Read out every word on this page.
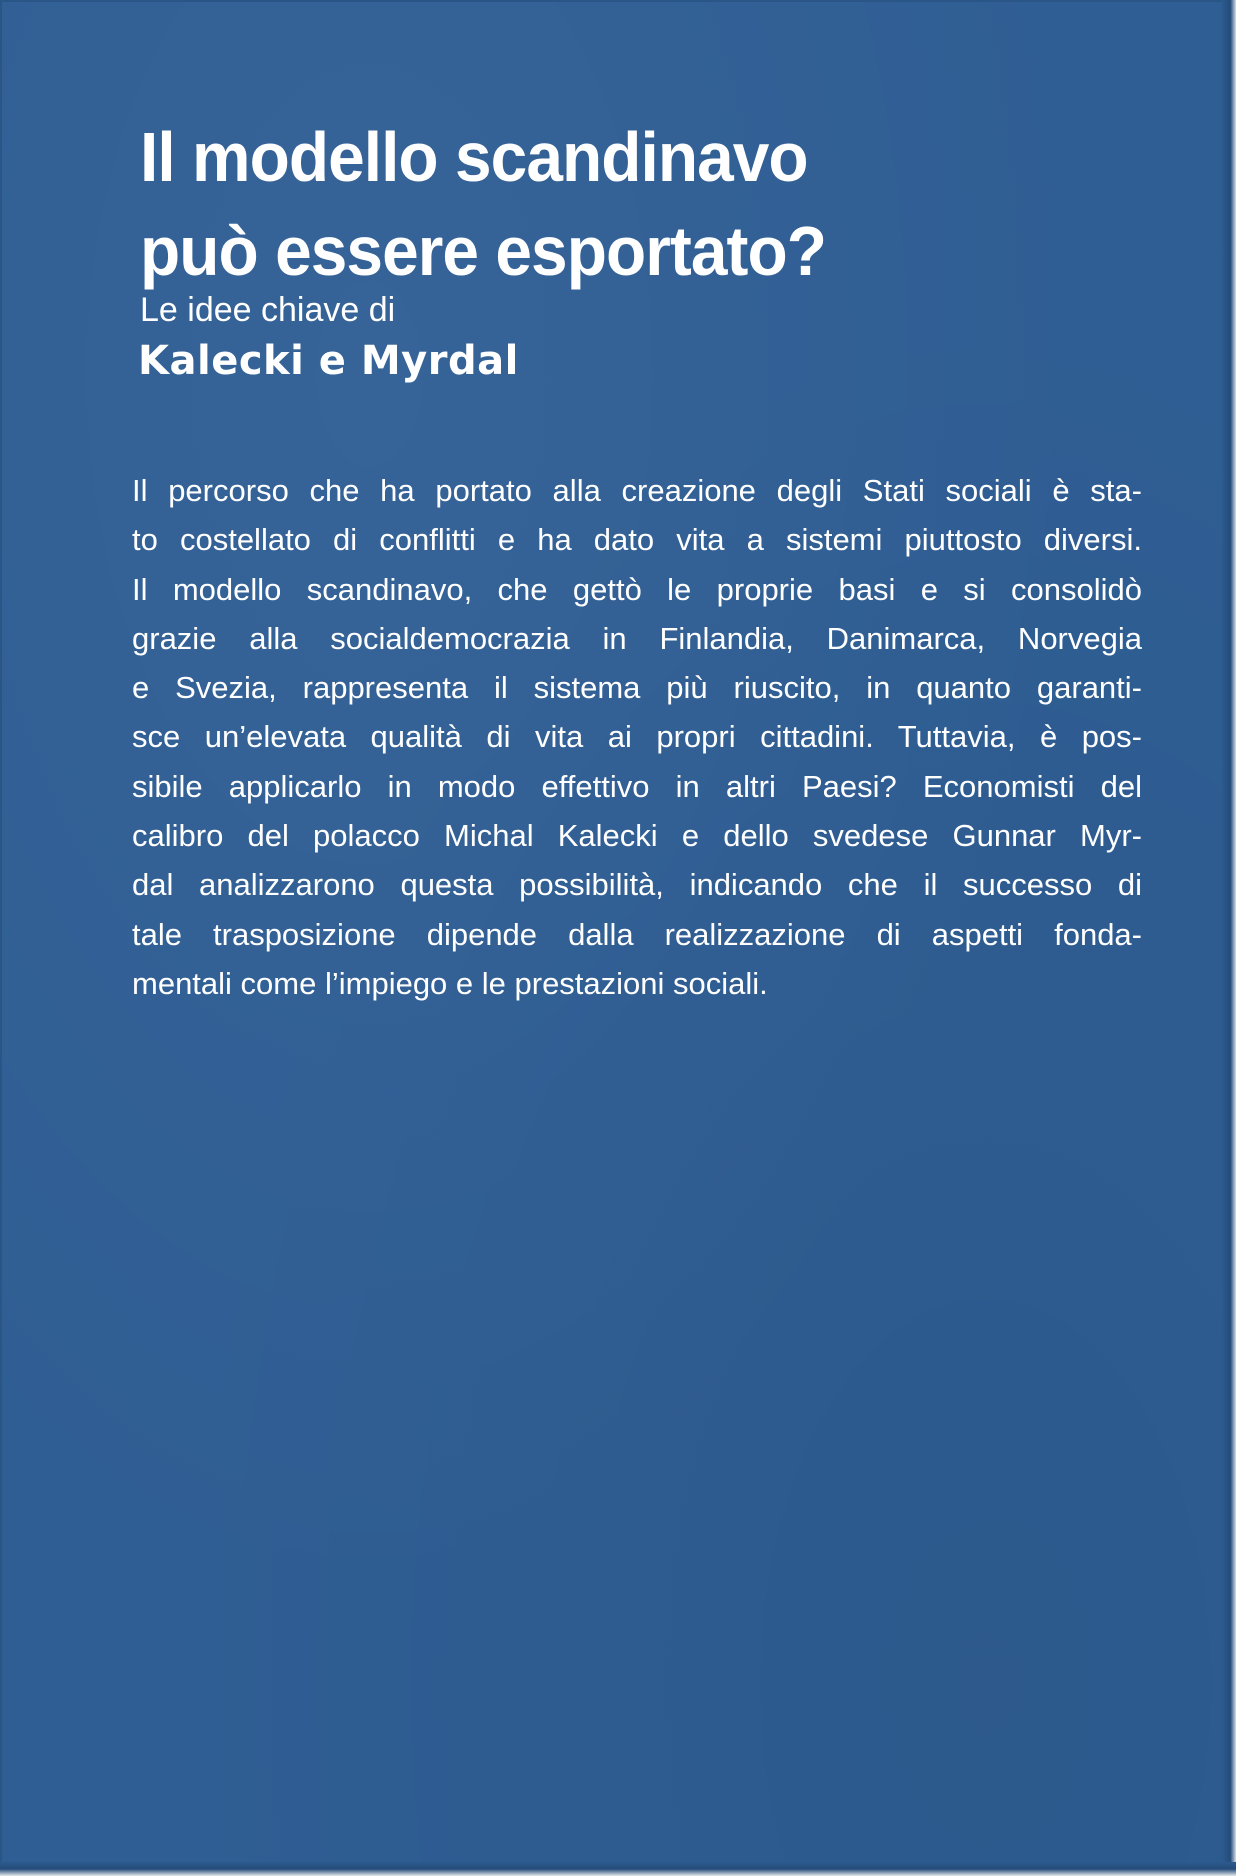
Il modello scandinavo
può essere esportato?

Le idee chiave di

Kalecki e Myrdal

Il percorso che ha portato alla creazione degli Stati sociali è sta-
to costellato di conflitti e ha dato vita a sistemi piuttosto diversi.
Il modello scandinavo, che gettò le proprie basi e si consolidò
grazie alla socialdemocrazia in Finlandia, Danimarca, Norvegia
e Svezia, rappresenta il sistema più riuscito, in quanto garanti-
sce un’elevata qualità di vita ai propri cittadini. Tuttavia, è pos-
sibile applicarlo in modo effettivo in altri Paesi? Economisti del
calibro del polacco Michal Kalecki e dello svedese Gunnar Myr-
dal analizzarono questa possibilità, indicando che il successo di
tale trasposizione dipende dalla realizzazione di aspetti fonda-
mentali come l’impiego e le prestazioni sociali.
